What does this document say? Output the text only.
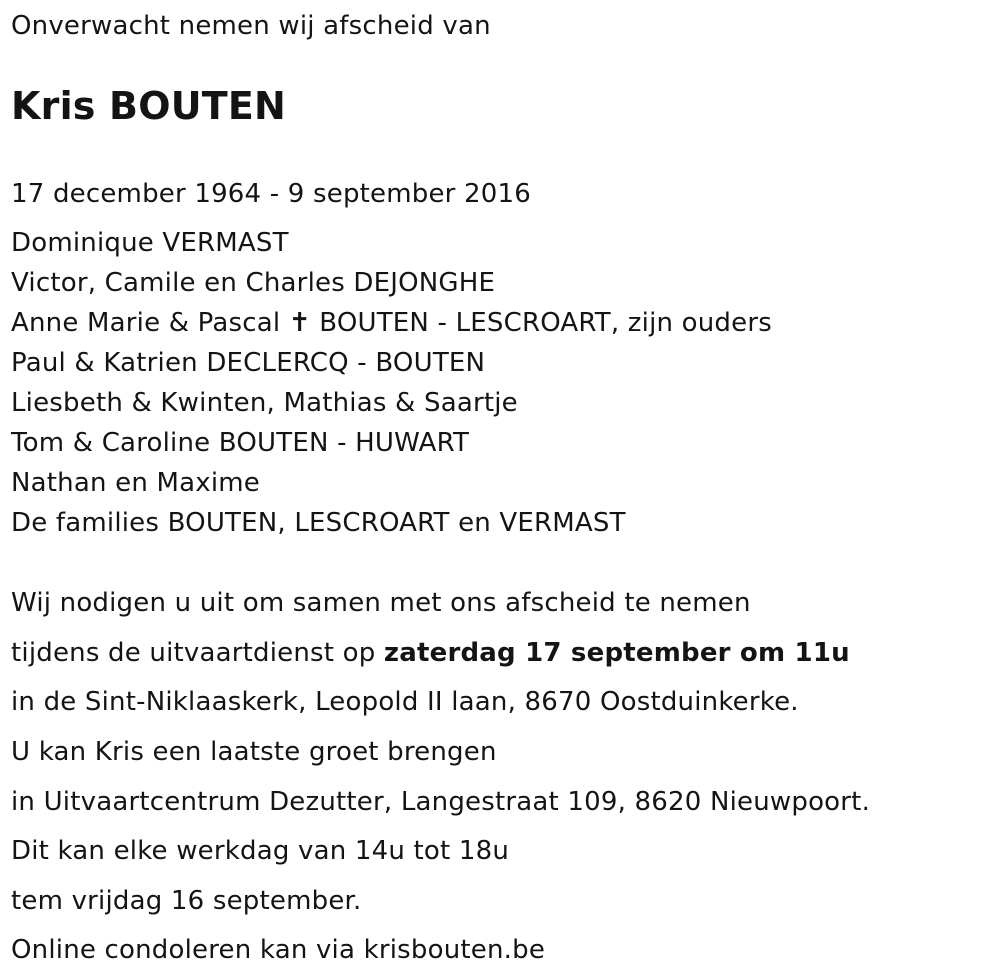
Onverwacht nemen wij afscheid van
Kris BOUTEN
17 december 1964 - 9 september 2016
Dominique VERMAST
Victor, Camile en Charles DEJONGHE
Anne Marie & Pascal ✝ BOUTEN - LESCROART, zijn ouders
Paul & Katrien DECLERCQ - BOUTEN
Liesbeth & Kwinten, Mathias & Saartje
Tom & Caroline BOUTEN - HUWART
Nathan en Maxime
De families BOUTEN, LESCROART en VERMAST
Wij nodigen u uit om samen met ons afscheid te nemen
tijdens de uitvaartdienst op zaterdag 17 september om 11u
in de Sint-Niklaaskerk, Leopold II laan, 8670 Oostduinkerke.
U kan Kris een laatste groet brengen
in Uitvaartcentrum Dezutter, Langestraat 109, 8620 Nieuwpoort.
Dit kan elke werkdag van 14u tot 18u
tem vrijdag 16 september.
Online condoleren kan via krisbouten.be
